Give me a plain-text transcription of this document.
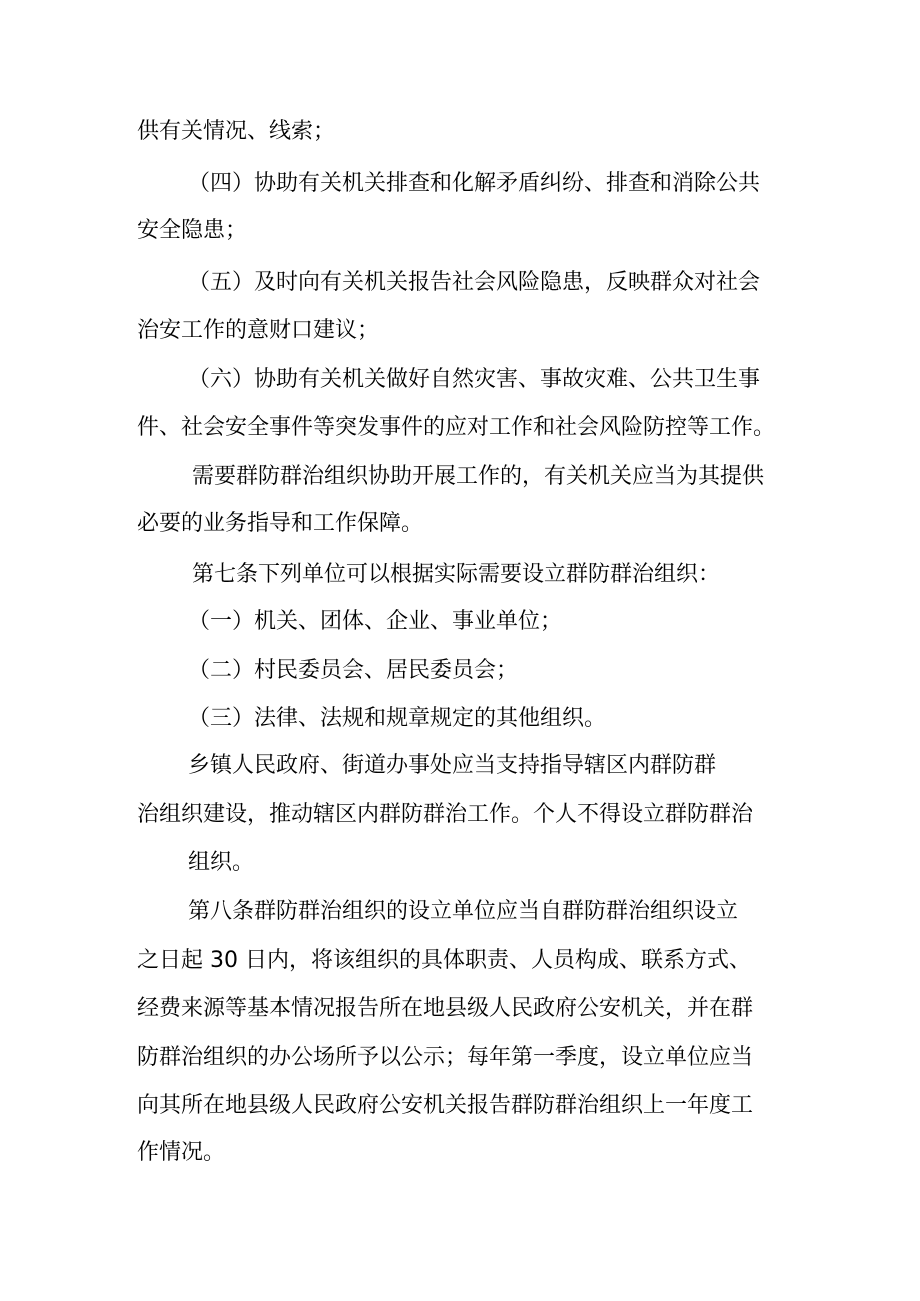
供有关情况、线索；
（四）协助有关机关排查和化解矛盾纠纷、排查和消除公共
安全隐患；
（五）及时向有关机关报告社会风险隐患，反映群众对社会
治安工作的意财口建议；
（六）协助有关机关做好自然灾害、事故灾难、公共卫生事
件、社会安全事件等突发事件的应对工作和社会风险防控等工作。
需要群防群治组织协助开展工作的，有关机关应当为其提供
必要的业务指导和工作保障。
第七条下列单位可以根据实际需要设立群防群治组织：
（一）机关、团体、企业、事业单位；
（二）村民委员会、居民委员会；
（三）法律、法规和规章规定的其他组织。
乡镇人民政府、街道办事处应当支持指导辖区内群防群
治组织建设，推动辖区内群防群治工作。个人不得设立群防群治
组织。
第八条群防群治组织的设立单位应当自群防群治组织设立
之日起 30 日内，将该组织的具体职责、人员构成、联系方式、
经费来源等基本情况报告所在地县级人民政府公安机关，并在群
防群治组织的办公场所予以公示；每年第一季度，设立单位应当
向其所在地县级人民政府公安机关报告群防群治组织上一年度工
作情况。
